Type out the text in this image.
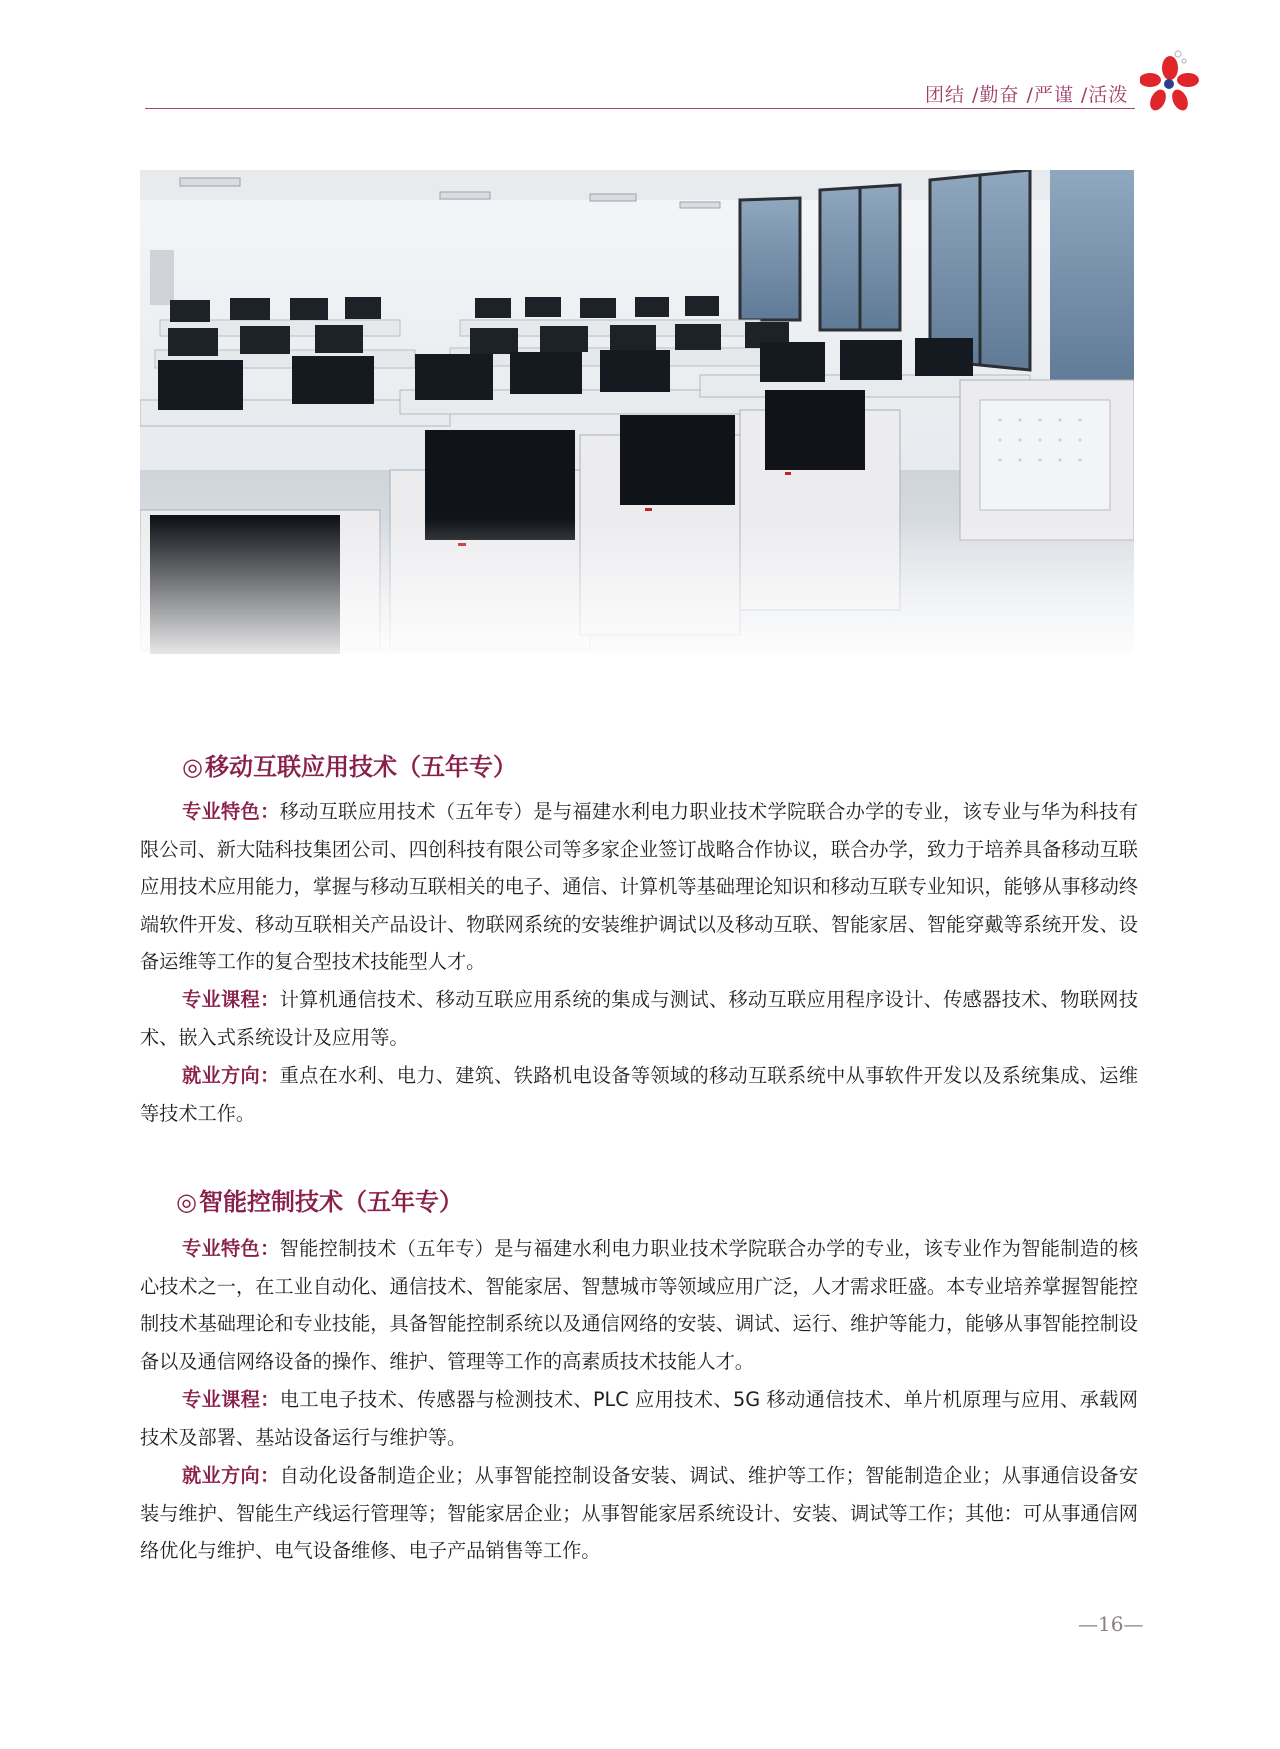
团结 /勤奋 /严谨 /活泼
◎移动互联应用技术（五年专）

专业特色：移动互联应用技术（五年专）是与福建水利电力职业技术学院联合办学的专业，该专业与华为科技有限公司、新大陆科技集团公司、四创科技有限公司等多家企业签订战略合作协议，联合办学，致力于培养具备移动互联应用技术应用能力，掌握与移动互联相关的电子、通信、计算机等基础理论知识和移动互联专业知识，能够从事移动终端软件开发、移动互联相关产品设计、物联网系统的安装维护调试以及移动互联、智能家居、智能穿戴等系统开发、设备运维等工作的复合型技术技能型人才。

专业课程：计算机通信技术、移动互联应用系统的集成与测试、移动互联应用程序设计、传感器技术、物联网技术、嵌入式系统设计及应用等。

就业方向：重点在水利、电力、建筑、铁路机电设备等领域的移动互联系统中从事软件开发以及系统集成、运维等技术工作。

◎智能控制技术（五年专）

专业特色：智能控制技术（五年专）是与福建水利电力职业技术学院联合办学的专业，该专业作为智能制造的核心技术之一，在工业自动化、通信技术、智能家居、智慧城市等领域应用广泛，人才需求旺盛。本专业培养掌握智能控制技术基础理论和专业技能，具备智能控制系统以及通信网络的安装、调试、运行、维护等能力，能够从事智能控制设备以及通信网络设备的操作、维护、管理等工作的高素质技术技能人才。

专业课程：电工电子技术、传感器与检测技术、PLC 应用技术、5G 移动通信技术、单片机原理与应用、承载网技术及部署、基站设备运行与维护等。

就业方向：自动化设备制造企业；从事智能控制设备安装、调试、维护等工作；智能制造企业；从事通信设备安装与维护、智能生产线运行管理等；智能家居企业；从事智能家居系统设计、安装、调试等工作；其他：可从事通信网络优化与维护、电气设备维修、电子产品销售等工作。

—16—
